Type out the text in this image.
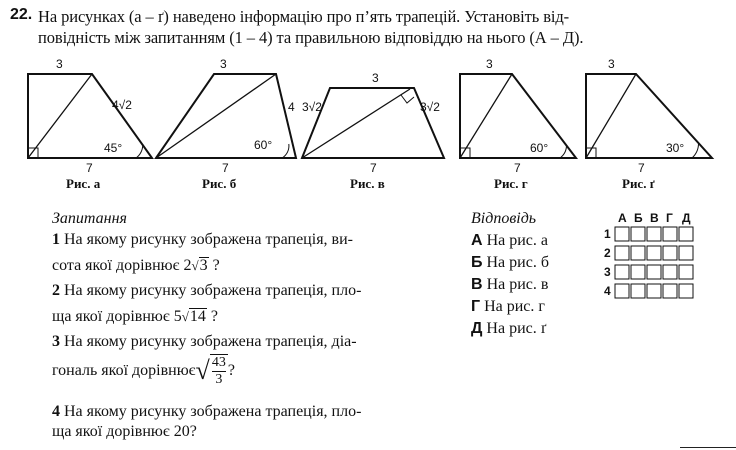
22. На рисунках (а – ґ) наведено інформацію про п’ять трапецій. Установіть від-
повідність між запитанням (1 – 4) та правильною відповіддю на нього (А – Д).
3
4√2
45°
7
Рис. а
3
4
60°
7
Рис. б
3
3√2	3√2
7
Рис. в
3
60°
7
Рис. г
3
30°
7
Рис. ґ
Запитання
1 На якому рисунку зображена трапеція, ви-
сота якої дорівнює 2√3 ?
2 На якому рисунку зображена трапеція, пло-
ща якої дорівнює 5√14 ?
3 На якому рисунку зображена трапеція, діа-
гональ якої дорівнює √ $\frac{43}{3}$ ?
4 На якому рисунку зображена трапеція, пло-
ща якої дорівнює 20?
Відповідь
А На рис. а
Б На рис. б
В На рис. в
Г На рис. г
Д На рис. ґ
А Б В Г Д
1
2
3
4
